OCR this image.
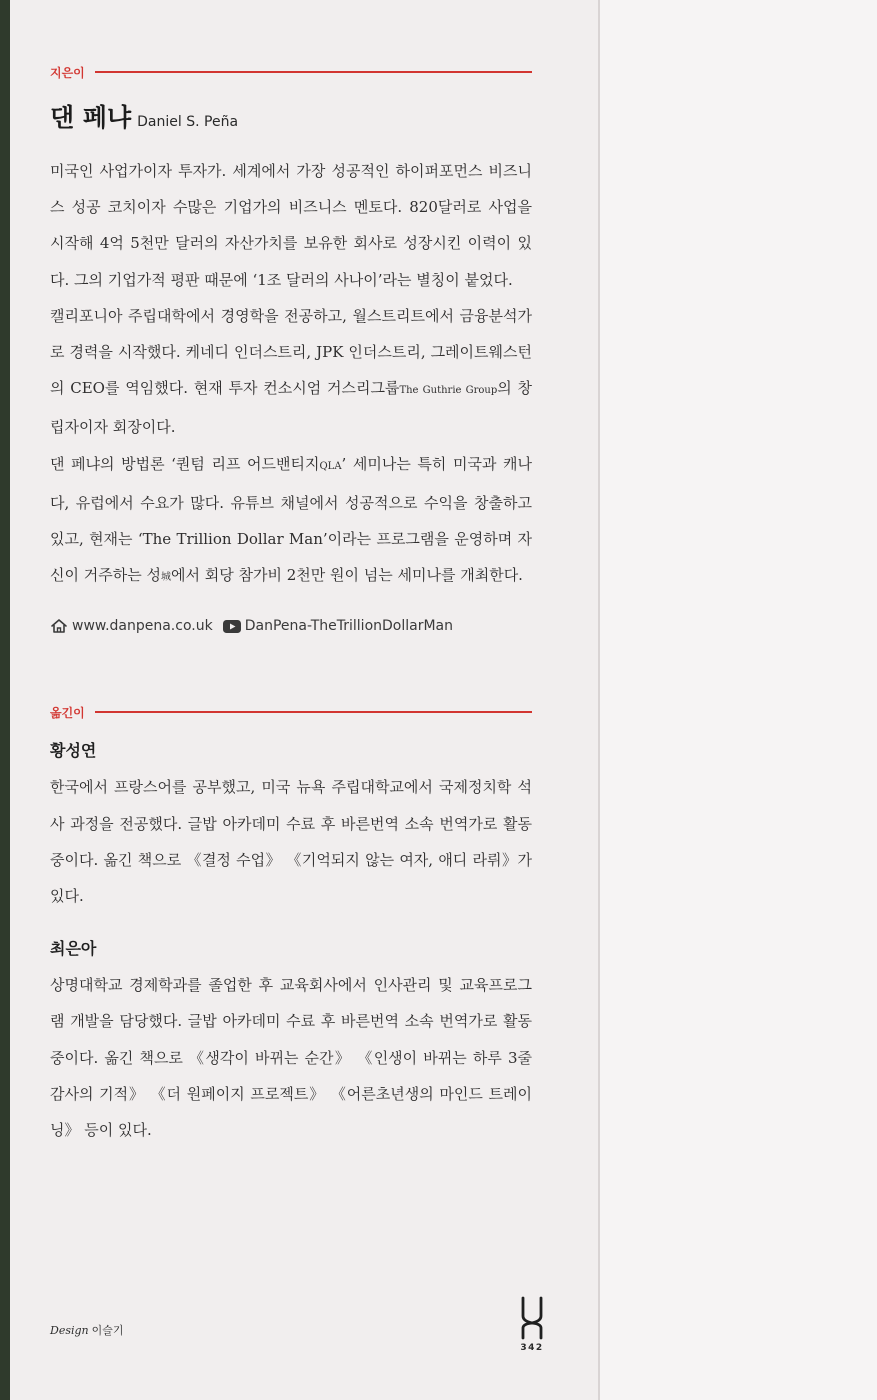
지은이
댄 페냐 Daniel S. Peña

미국인 사업가이자 투자가. 세계에서 가장 성공적인 하이퍼포먼스 비즈니스 성공 코치이자 수많은 기업가의 비즈니스 멘토다. 820달러로 사업을 시작해 4억 5천만 달러의 자산가치를 보유한 회사로 성장시킨 이력이 있다. 그의 기업가적 평판 때문에 ‘1조 달러의 사나이’라는 별칭이 붙었다.

캘리포니아 주립대학에서 경영학을 전공하고, 월스트리트에서 금융분석가로 경력을 시작했다. 케네디 인더스트리, JPK 인더스트리, 그레이트웨스턴의 CEO를 역임했다. 현재 투자 컨소시엄 거스리그룹The Guthrie Group의 창립자이자 회장이다.

댄 페냐의 방법론 ‘퀀텀 리프 어드밴티지QLA’ 세미나는 특히 미국과 캐나다, 유럽에서 수요가 많다. 유튜브 채널에서 성공적으로 수익을 창출하고 있고, 현재는 ‘The Trillion Dollar Man’이라는 프로그램을 운영하며 자신이 거주하는 성城에서 회당 참가비 2천만 원이 넘는 세미나를 개최한다.

www.danpena.co.uk DanPena-TheTrillionDollarMan
옮긴이
황성연

한국에서 프랑스어를 공부했고, 미국 뉴욕 주립대학교에서 국제정치학 석사 과정을 전공했다. 글밥 아카데미 수료 후 바른번역 소속 번역가로 활동 중이다. 옮긴 책으로 《결정 수업》 《기억되지 않는 여자, 애디 라뤼》가 있다.

최은아

상명대학교 경제학과를 졸업한 후 교육회사에서 인사관리 및 교육프로그램 개발을 담당했다. 글밥 아카데미 수료 후 바른번역 소속 번역가로 활동 중이다. 옮긴 책으로 《생각이 바뀌는 순간》 《인생이 바뀌는 하루 3줄 감사의 기적》 《더 원페이지 프로젝트》 《어른초년생의 마인드 트레이닝》 등이 있다.

Design 이슬기
342
